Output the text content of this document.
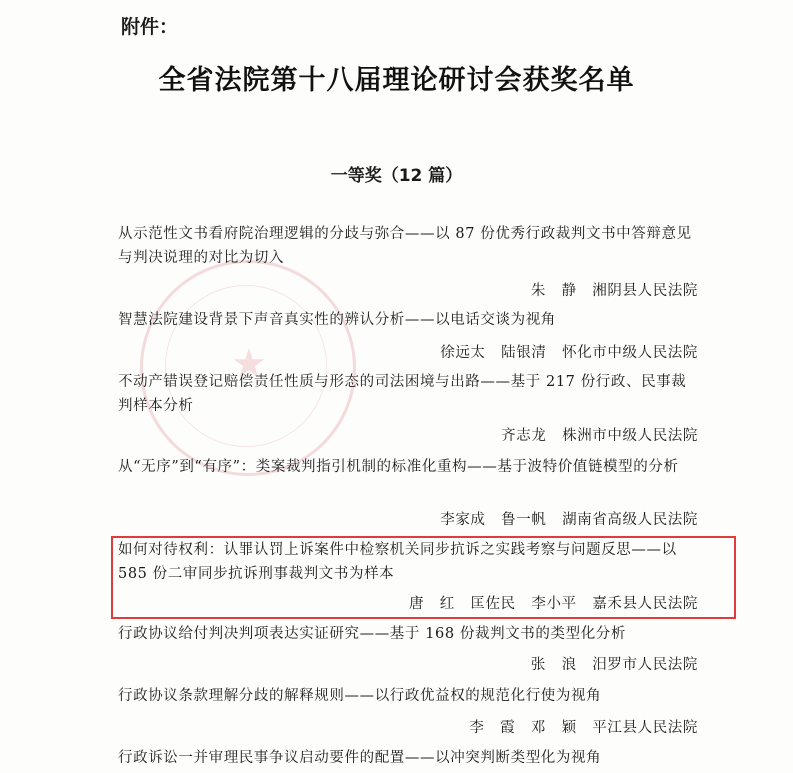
★
附件：
全省法院第十八届理论研讨会获奖名单
一等奖（12 篇）
从示范性文书看府院治理逻辑的分歧与弥合——以 87 份优秀行政裁判文书中答辩意见与判决说理的对比为切入
朱   静   湘阴县人民法院
智慧法院建设背景下声音真实性的辨认分析——以电话交谈为视角
徐远太   陆银清   怀化市中级人民法院
不动产错误登记赔偿责任性质与形态的司法困境与出路——基于 217 份行政、民事裁判样本分析
齐志龙   株洲市中级人民法院
从“无序”到“有序”：类案裁判指引机制的标准化重构——基于波特价值链模型的分析
李家成   鲁一帆   湖南省高级人民法院
如何对待权利：认罪认罚上诉案件中检察机关同步抗诉之实践考察与问题反思——以 585 份二审同步抗诉刑事裁判文书为样本
唐   红   匡佐民   李小平   嘉禾县人民法院
行政协议给付判决判项表达实证研究——基于 168 份裁判文书的类型化分析
张   浪   汨罗市人民法院
行政协议条款理解分歧的解释规则——以行政优益权的规范化行使为视角
李   霞   邓   颖   平江县人民法院
行政诉讼一并审理民事争议启动要件的配置——以冲突判断类型化为视角
